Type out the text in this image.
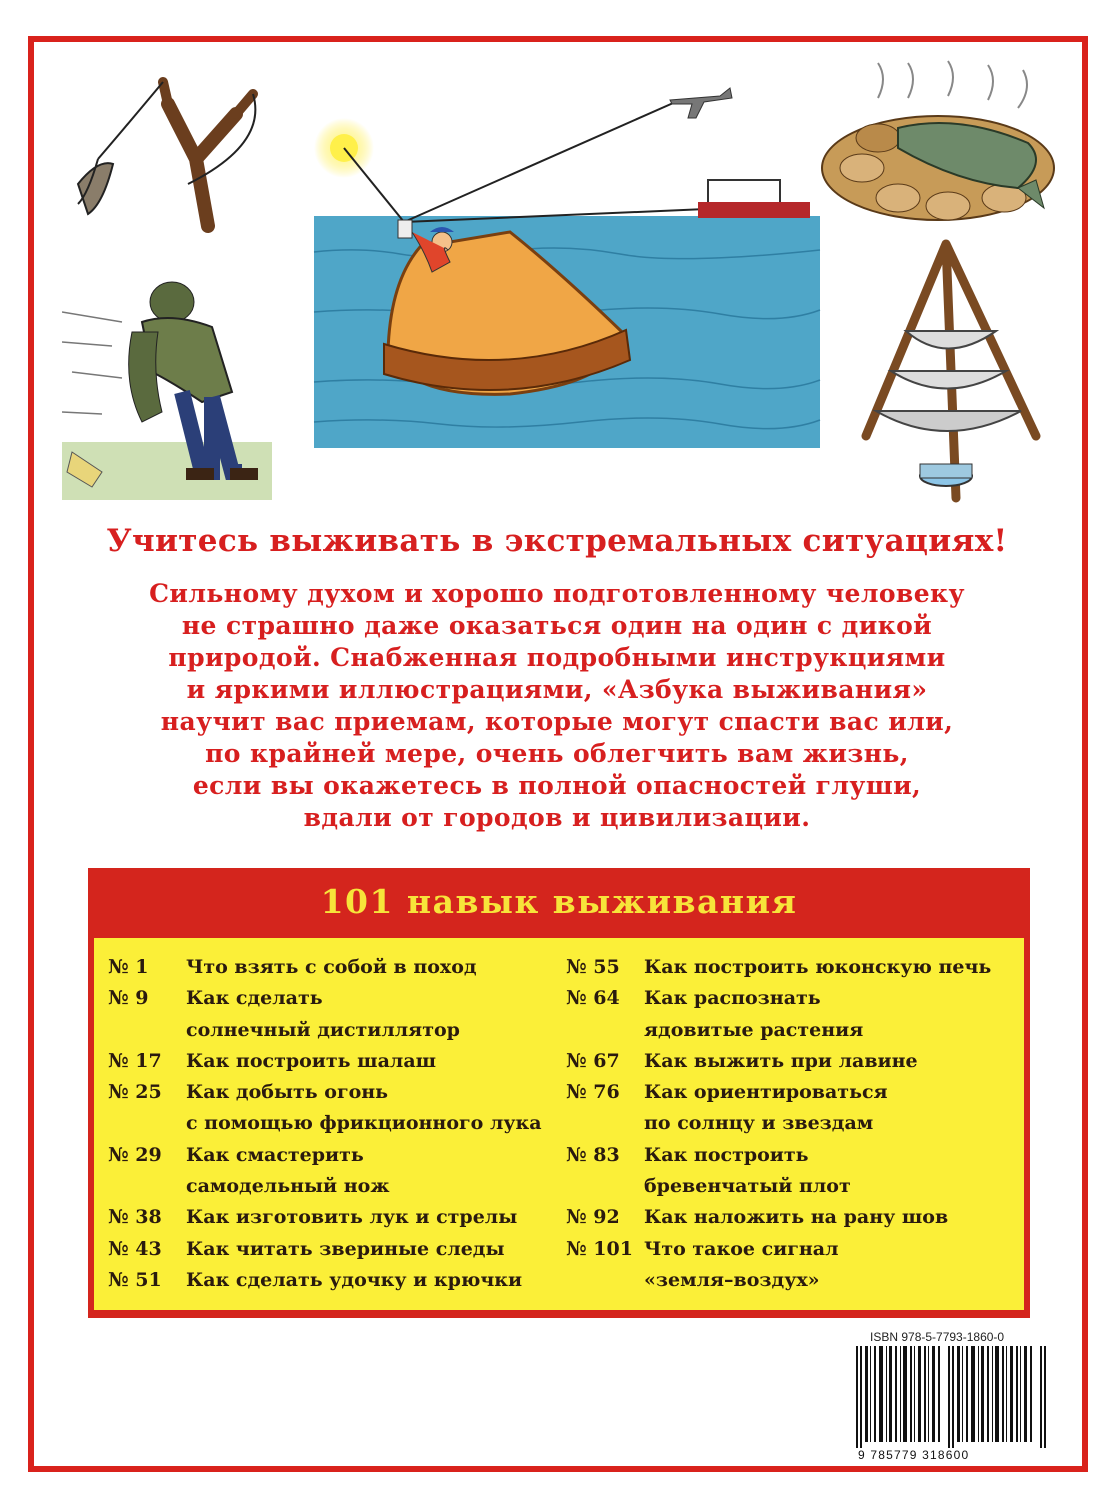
Учитесь выживать в экстремальных ситуациях!
Сильному духом и хорошо подготовленному человеку
не страшно даже оказаться один на один с дикой
природой. Снабженная подробными инструкциями
и яркими иллюстрациями, «Азбука выживания»
научит вас приемам, которые могут спасти вас или,
по крайней мере, очень облегчить вам жизнь,
если вы окажетесь в полной опасностей глуши,
вдали от городов и цивилизации.
101 навык выживания
№ 1	Что взять с собой в поход
№ 9	Как сделать
солнечный дистиллятор
№ 17	Как построить шалаш
№ 25	Как добыть огонь
с помощью фрикционного лука
№ 29	Как смастерить
самодельный нож
№ 38	Как изготовить лук и стрелы
№ 43	Как читать звериные следы
№ 51	Как сделать удочку и крючки
№ 55	Как построить юконскую печь
№ 64	Как распознать
ядовитые растения
№ 67	Как выжить при лавине
№ 76	Как ориентироваться
по солнцу и звездам
№ 83	Как построить
бревенчатый плот
№ 92	Как наложить на рану шов
№ 101 Что такое сигнал
«земля–воздух»
ISBN 978-5-7793-1860-0
9 785779 318600
